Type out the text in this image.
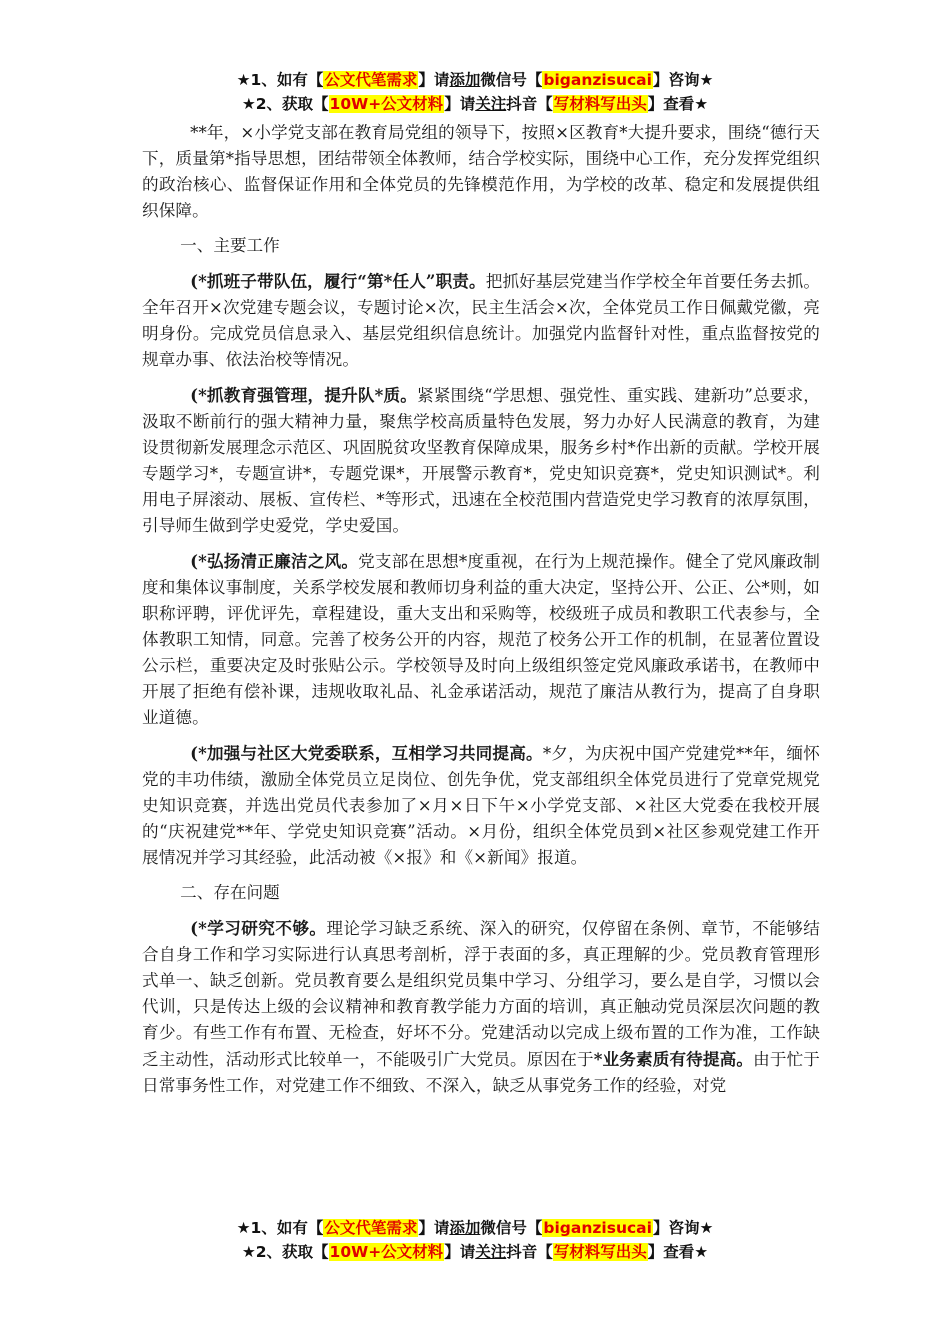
★1、如有【公文代笔需求】请添加微信号【biganzisucai】咨询★
★2、获取【10W+公文材料】请关注抖音【写材料写出头】查看★

**年，×小学党支部在教育局党组的领导下，按照×区教育*大提升要求，围绕“德行天下，质量第*指导思想，团结带领全体教师，结合学校实际，围绕中心工作，充分发挥党组织的政治核心、监督保证作用和全体党员的先锋模范作用，为学校的改革、稳定和发展提供组织保障。

一、主要工作

(*抓班子带队伍，履行“第*任人”职责。把抓好基层党建当作学校全年首要任务去抓。全年召开×次党建专题会议，专题讨论×次，民主生活会×次，全体党员工作日佩戴党徽，亮明身份。完成党员信息录入、基层党组织信息统计。加强党内监督针对性，重点监督按党的规章办事、依法治校等情况。

(*抓教育强管理，提升队*质。紧紧围绕“学思想、强党性、重实践、建新功”总要求，汲取不断前行的强大精神力量，聚焦学校高质量特色发展，努力办好人民满意的教育，为建设贯彻新发展理念示范区、巩固脱贫攻坚教育保障成果，服务乡村*作出新的贡献。学校开展专题学习*，专题宣讲*，专题党课*，开展警示教育*，党史知识竞赛*，党史知识测试*。利用电子屏滚动、展板、宣传栏、*等形式，迅速在全校范围内营造党史学习教育的浓厚氛围，引导师生做到学史爱党，学史爱国。

(*弘扬清正廉洁之风。党支部在思想*度重视，在行为上规范操作。健全了党风廉政制度和集体议事制度，关系学校发展和教师切身利益的重大决定，坚持公开、公正、公*则，如职称评聘，评优评先，章程建设，重大支出和采购等，校级班子成员和教职工代表参与，全体教职工知情，同意。完善了校务公开的内容，规范了校务公开工作的机制，在显著位置设公示栏，重要决定及时张贴公示。学校领导及时向上级组织签定党风廉政承诺书，在教师中开展了拒绝有偿补课，违规收取礼品、礼金承诺活动，规范了廉洁从教行为，提高了自身职业道德。

(*加强与社区大党委联系，互相学习共同提高。*夕，为庆祝中国产党建党**年，缅怀党的丰功伟绩，激励全体党员立足岗位、创先争优，党支部组织全体党员进行了党章党规党史知识竞赛，并选出党员代表参加了×月×日下午×小学党支部、×社区大党委在我校开展的“庆祝建党**年、学党史知识竞赛”活动。×月份，组织全体党员到×社区参观党建工作开展情况并学习其经验，此活动被《×报》和《×新闻》报道。

二、存在问题

(*学习研究不够。理论学习缺乏系统、深入的研究，仅停留在条例、章节，不能够结合自身工作和学习实际进行认真思考剖析，浮于表面的多，真正理解的少。党员教育管理形式单一、缺乏创新。党员教育要么是组织党员集中学习、分组学习，要么是自学，习惯以会代训，只是传达上级的会议精神和教育教学能力方面的培训，真正触动党员深层次问题的教育少。有些工作有布置、无检查，好坏不分。党建活动以完成上级布置的工作为准，工作缺乏主动性，活动形式比较单一，不能吸引广大党员。原因在于*业务素质有待提高。由于忙于日常事务性工作，对党建工作不细致、不深入，缺乏从事党务工作的经验，对党

★1、如有【公文代笔需求】请添加微信号【biganzisucai】咨询★
★2、获取【10W+公文材料】请关注抖音【写材料写出头】查看★
